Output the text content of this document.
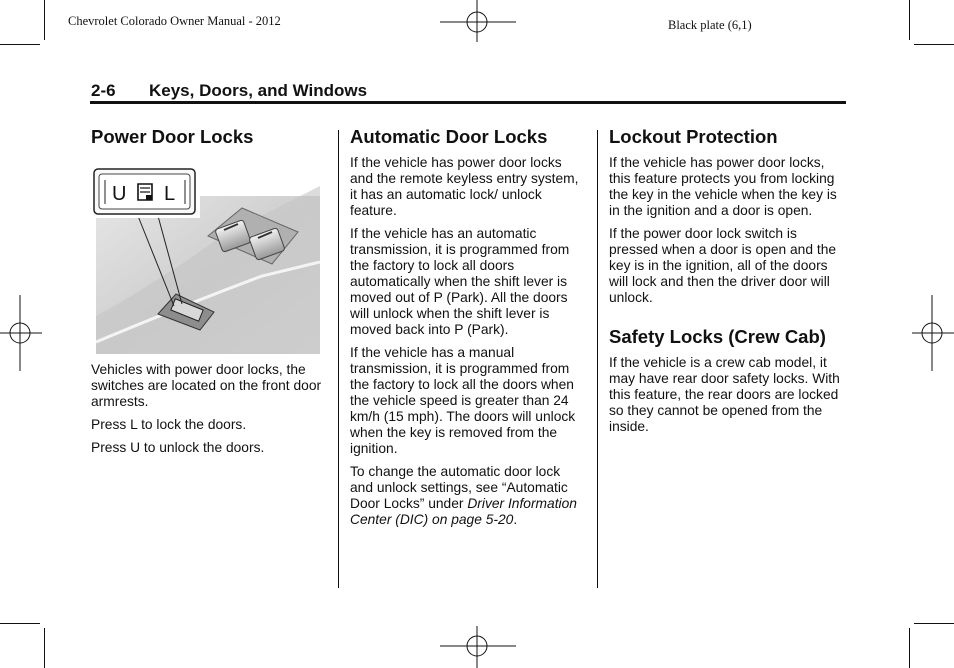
Chevrolet Colorado Owner Manual - 2012	Black plate (6,1)
2-6 Keys, Doors, and Windows
Power Door Locks
U L

Vehicles with power door locks, the switches are located on the front door armrests.

Press L to lock the doors.

Press U to unlock the doors.

Automatic Door Locks

If the vehicle has power door locks and the remote keyless entry system, it has an automatic lock/ unlock feature.

If the vehicle has an automatic transmission, it is programmed from the factory to lock all doors automatically when the shift lever is moved out of P (Park). All the doors will unlock when the shift lever is moved back into P (Park).

If the vehicle has a manual transmission, it is programmed from the factory to lock all the doors when the vehicle speed is greater than 24 km/h (15 mph). The doors will unlock when the key is removed from the ignition.

To change the automatic door lock and unlock settings, see “Automatic Door Locks” under Driver Information Center (DIC) on page 5-20.

Lockout Protection

If the vehicle has power door locks, this feature protects you from locking the key in the vehicle when the key is in the ignition and a door is open.

If the power door lock switch is pressed when a door is open and the key is in the ignition, all of the doors will lock and then the driver door will unlock.

Safety Locks (Crew Cab)

If the vehicle is a crew cab model, it may have rear door safety locks. With this feature, the rear doors are locked so they cannot be opened from the inside.
